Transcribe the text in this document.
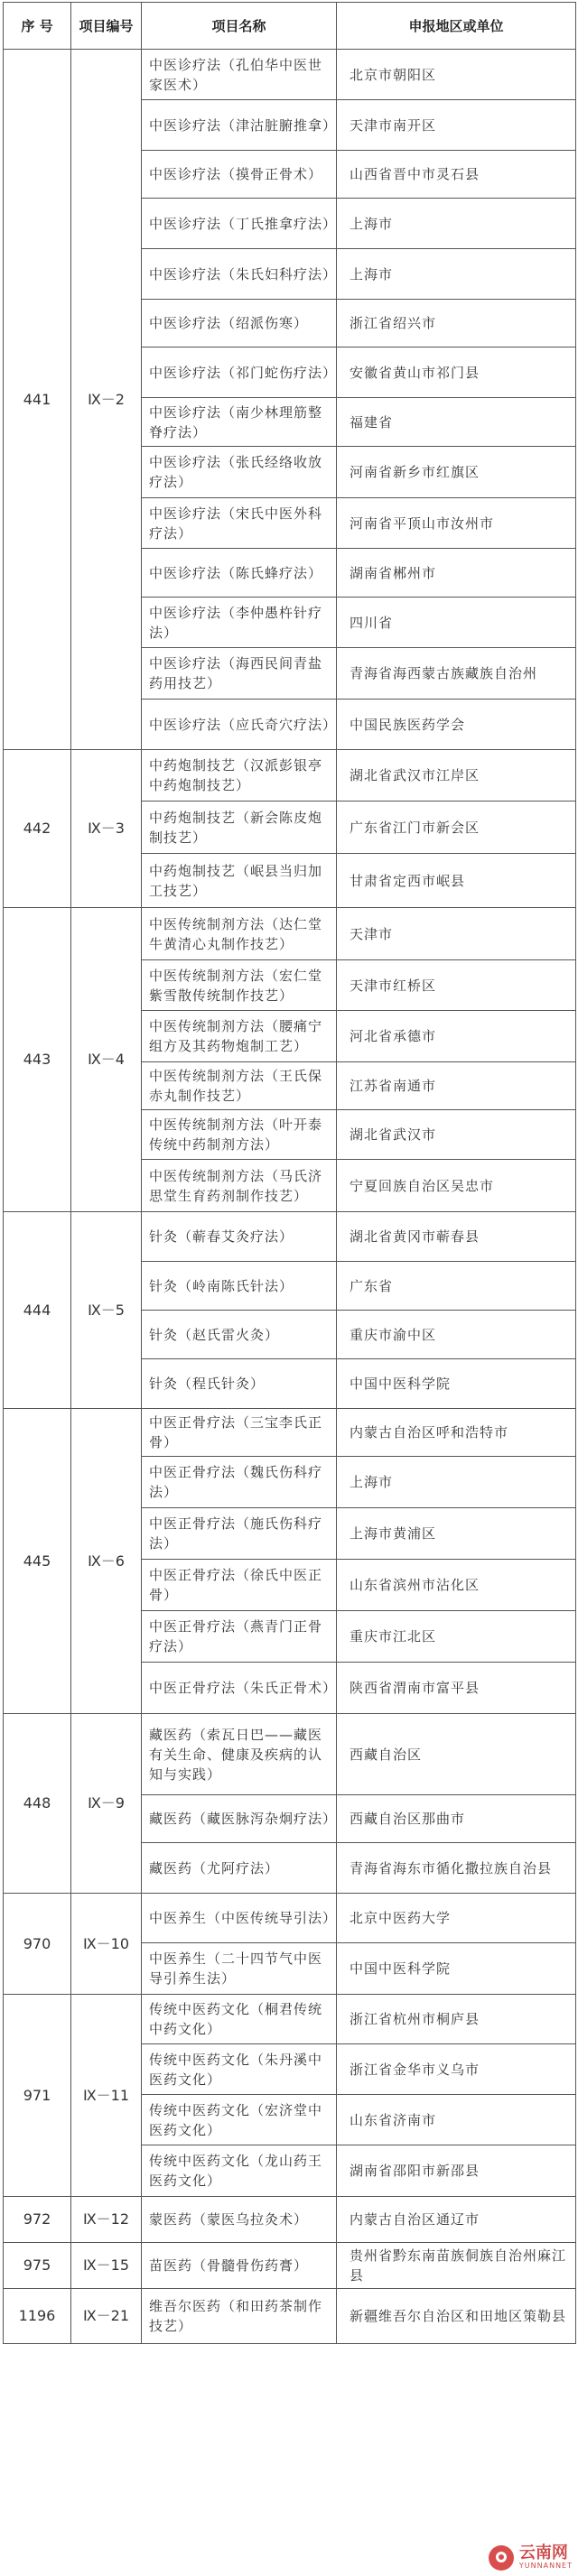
序 号	项目编号	项目名称	申报地区或单位
441	Ⅸ－2	中医诊疗法（孔伯华中医世家医术）	北京市朝阳区
		中医诊疗法（津沽脏腑推拿）	天津市南开区
		中医诊疗法（摸骨正骨术）	山西省晋中市灵石县
		中医诊疗法（丁氏推拿疗法）	上海市
		中医诊疗法（朱氏妇科疗法）	上海市
		中医诊疗法（绍派伤寒）	浙江省绍兴市
		中医诊疗法（祁门蛇伤疗法）	安徽省黄山市祁门县
		中医诊疗法（南少林理筋整脊疗法）	福建省
		中医诊疗法（张氏经络收放疗法）	河南省新乡市红旗区
		中医诊疗法（宋氏中医外科疗法）	河南省平顶山市汝州市
		中医诊疗法（陈氏蜂疗法）	湖南省郴州市
		中医诊疗法（李仲愚杵针疗法）	四川省
		中医诊疗法（海西民间青盐药用技艺）	青海省海西蒙古族藏族自治州
		中医诊疗法（应氏奇穴疗法）	中国民族医药学会
442	Ⅸ－3	中药炮制技艺（汉派彭银亭中药炮制技艺）	湖北省武汉市江岸区
		中药炮制技艺（新会陈皮炮制技艺）	广东省江门市新会区
		中药炮制技艺（岷县当归加工技艺）	甘肃省定西市岷县
443	Ⅸ－4	中医传统制剂方法（达仁堂牛黄清心丸制作技艺）	天津市
		中医传统制剂方法（宏仁堂紫雪散传统制作技艺）	天津市红桥区
		中医传统制剂方法（腰痛宁组方及其药物炮制工艺）	河北省承德市
		中医传统制剂方法（王氏保赤丸制作技艺）	江苏省南通市
		中医传统制剂方法（叶开泰传统中药制剂方法）	湖北省武汉市
		中医传统制剂方法（马氏济思堂生育药剂制作技艺）	宁夏回族自治区吴忠市
444	Ⅸ－5	针灸（蕲春艾灸疗法）	湖北省黄冈市蕲春县
		针灸（岭南陈氏针法）	广东省
		针灸（赵氏雷火灸）	重庆市渝中区
		针灸（程氏针灸）	中国中医科学院
445	Ⅸ－6	中医正骨疗法（三宝李氏正骨）	内蒙古自治区呼和浩特市
		中医正骨疗法（魏氏伤科疗法）	上海市
		中医正骨疗法（施氏伤科疗法）	上海市黄浦区
		中医正骨疗法（徐氏中医正骨）	山东省滨州市沾化区
		中医正骨疗法（燕青门正骨疗法）	重庆市江北区
		中医正骨疗法（朱氏正骨术）	陕西省渭南市富平县
448	Ⅸ－9	藏医药（索瓦日巴——藏医有关生命、健康及疾病的认知与实践）	西藏自治区
		藏医药（藏医脉泻杂炯疗法）	西藏自治区那曲市
		藏医药（尤阿疗法）	青海省海东市循化撒拉族自治县
970	Ⅸ－10	中医养生（中医传统导引法）	北京中医药大学
		中医养生（二十四节气中医导引养生法）	中国中医科学院
971	Ⅸ－11	传统中医药文化（桐君传统中药文化）	浙江省杭州市桐庐县
		传统中医药文化（朱丹溪中医药文化）	浙江省金华市义乌市
		传统中医药文化（宏济堂中医药文化）	山东省济南市
		传统中医药文化（龙山药王医药文化）	湖南省邵阳市新邵县
972	Ⅸ－12	蒙医药（蒙医乌拉灸术）	内蒙古自治区通辽市
975	Ⅸ－15	苗医药（骨髓骨伤药膏）	贵州省黔东南苗族侗族自治州麻江县
1196	Ⅸ－21	维吾尔医药（和田药茶制作技艺）	新疆维吾尔自治区和田地区策勒县
云南网
YUNNANNET
